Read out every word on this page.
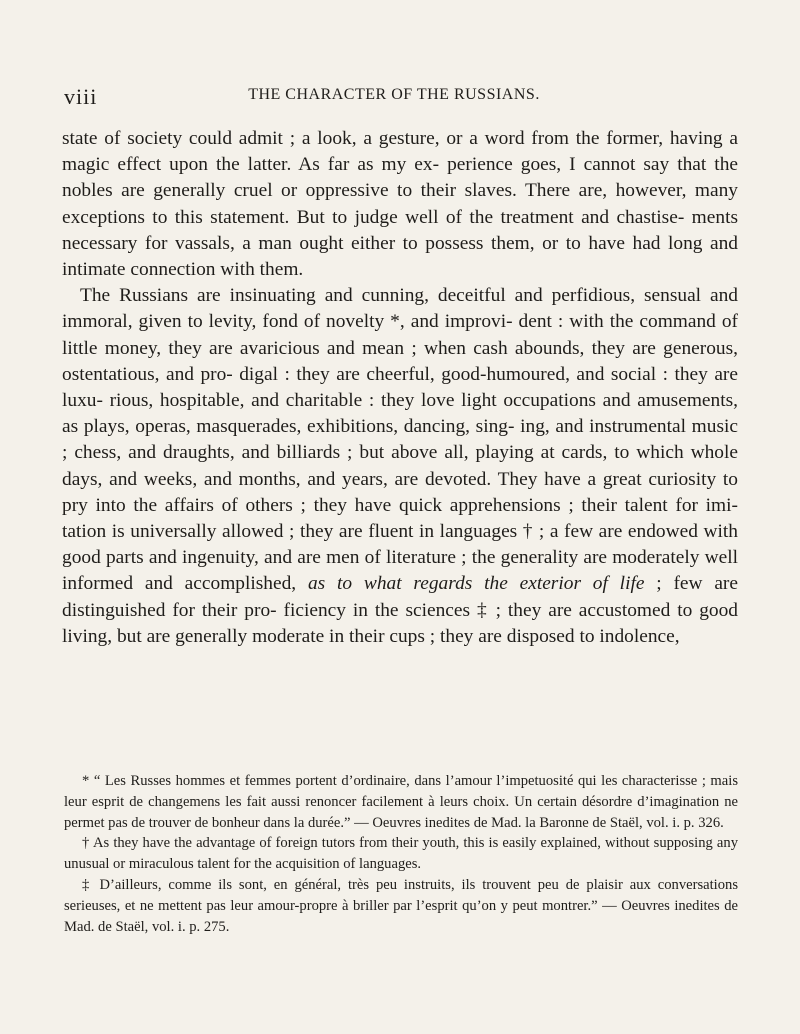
viii	THE CHARACTER OF THE RUSSIANS.

state of society could admit ; a look, a gesture, or a word from the former, having a magic effect upon the latter. As far as my ex- perience goes, I cannot say that the nobles are generally cruel or oppressive to their slaves. There are, however, many exceptions to this statement. But to judge well of the treatment and chastise- ments necessary for vassals, a man ought either to possess them, or to have had long and intimate connection with them.

The Russians are insinuating and cunning, deceitful and perfidious, sensual and immoral, given to levity, fond of novelty *, and improvi- dent : with the command of little money, they are avaricious and mean ; when cash abounds, they are generous, ostentatious, and pro- digal : they are cheerful, good-humoured, and social : they are luxu- rious, hospitable, and charitable : they love light occupations and amusements, as plays, operas, masquerades, exhibitions, dancing, sing- ing, and instrumental music ; chess, and draughts, and billiards ; but above all, playing at cards, to which whole days, and weeks, and months, and years, are devoted. They have a great curiosity to pry into the affairs of others ; they have quick apprehensions ; their talent for imi- tation is universally allowed ; they are fluent in languages † ; a few are endowed with good parts and ingenuity, and are men of literature ; the generality are moderately well informed and accomplished, as to what regards the exterior of life ; few are distinguished for their pro- ficiency in the sciences ‡ ; they are accustomed to good living, but are generally moderate in their cups ; they are disposed to indolence,

* “ Les Russes hommes et femmes portent d’ordinaire, dans l’amour l’impetuosité qui les characterisse ; mais leur esprit de changemens les fait aussi renoncer facilement à leurs choix. Un certain désordre d’imagination ne permet pas de trouver de bonheur dans la durée.” — Oeuvres inedites de Mad. la Baronne de Staël, vol. i. p. 326.

† As they have the advantage of foreign tutors from their youth, this is easily explained, without supposing any unusual or miraculous talent for the acquisition of languages.

‡ D’ailleurs, comme ils sont, en général, très peu instruits, ils trouvent peu de plaisir aux conversations serieuses, et ne mettent pas leur amour-propre à briller par l’esprit qu’on y peut montrer.” — Oeuvres inedites de Mad. de Staël, vol. i. p. 275.
